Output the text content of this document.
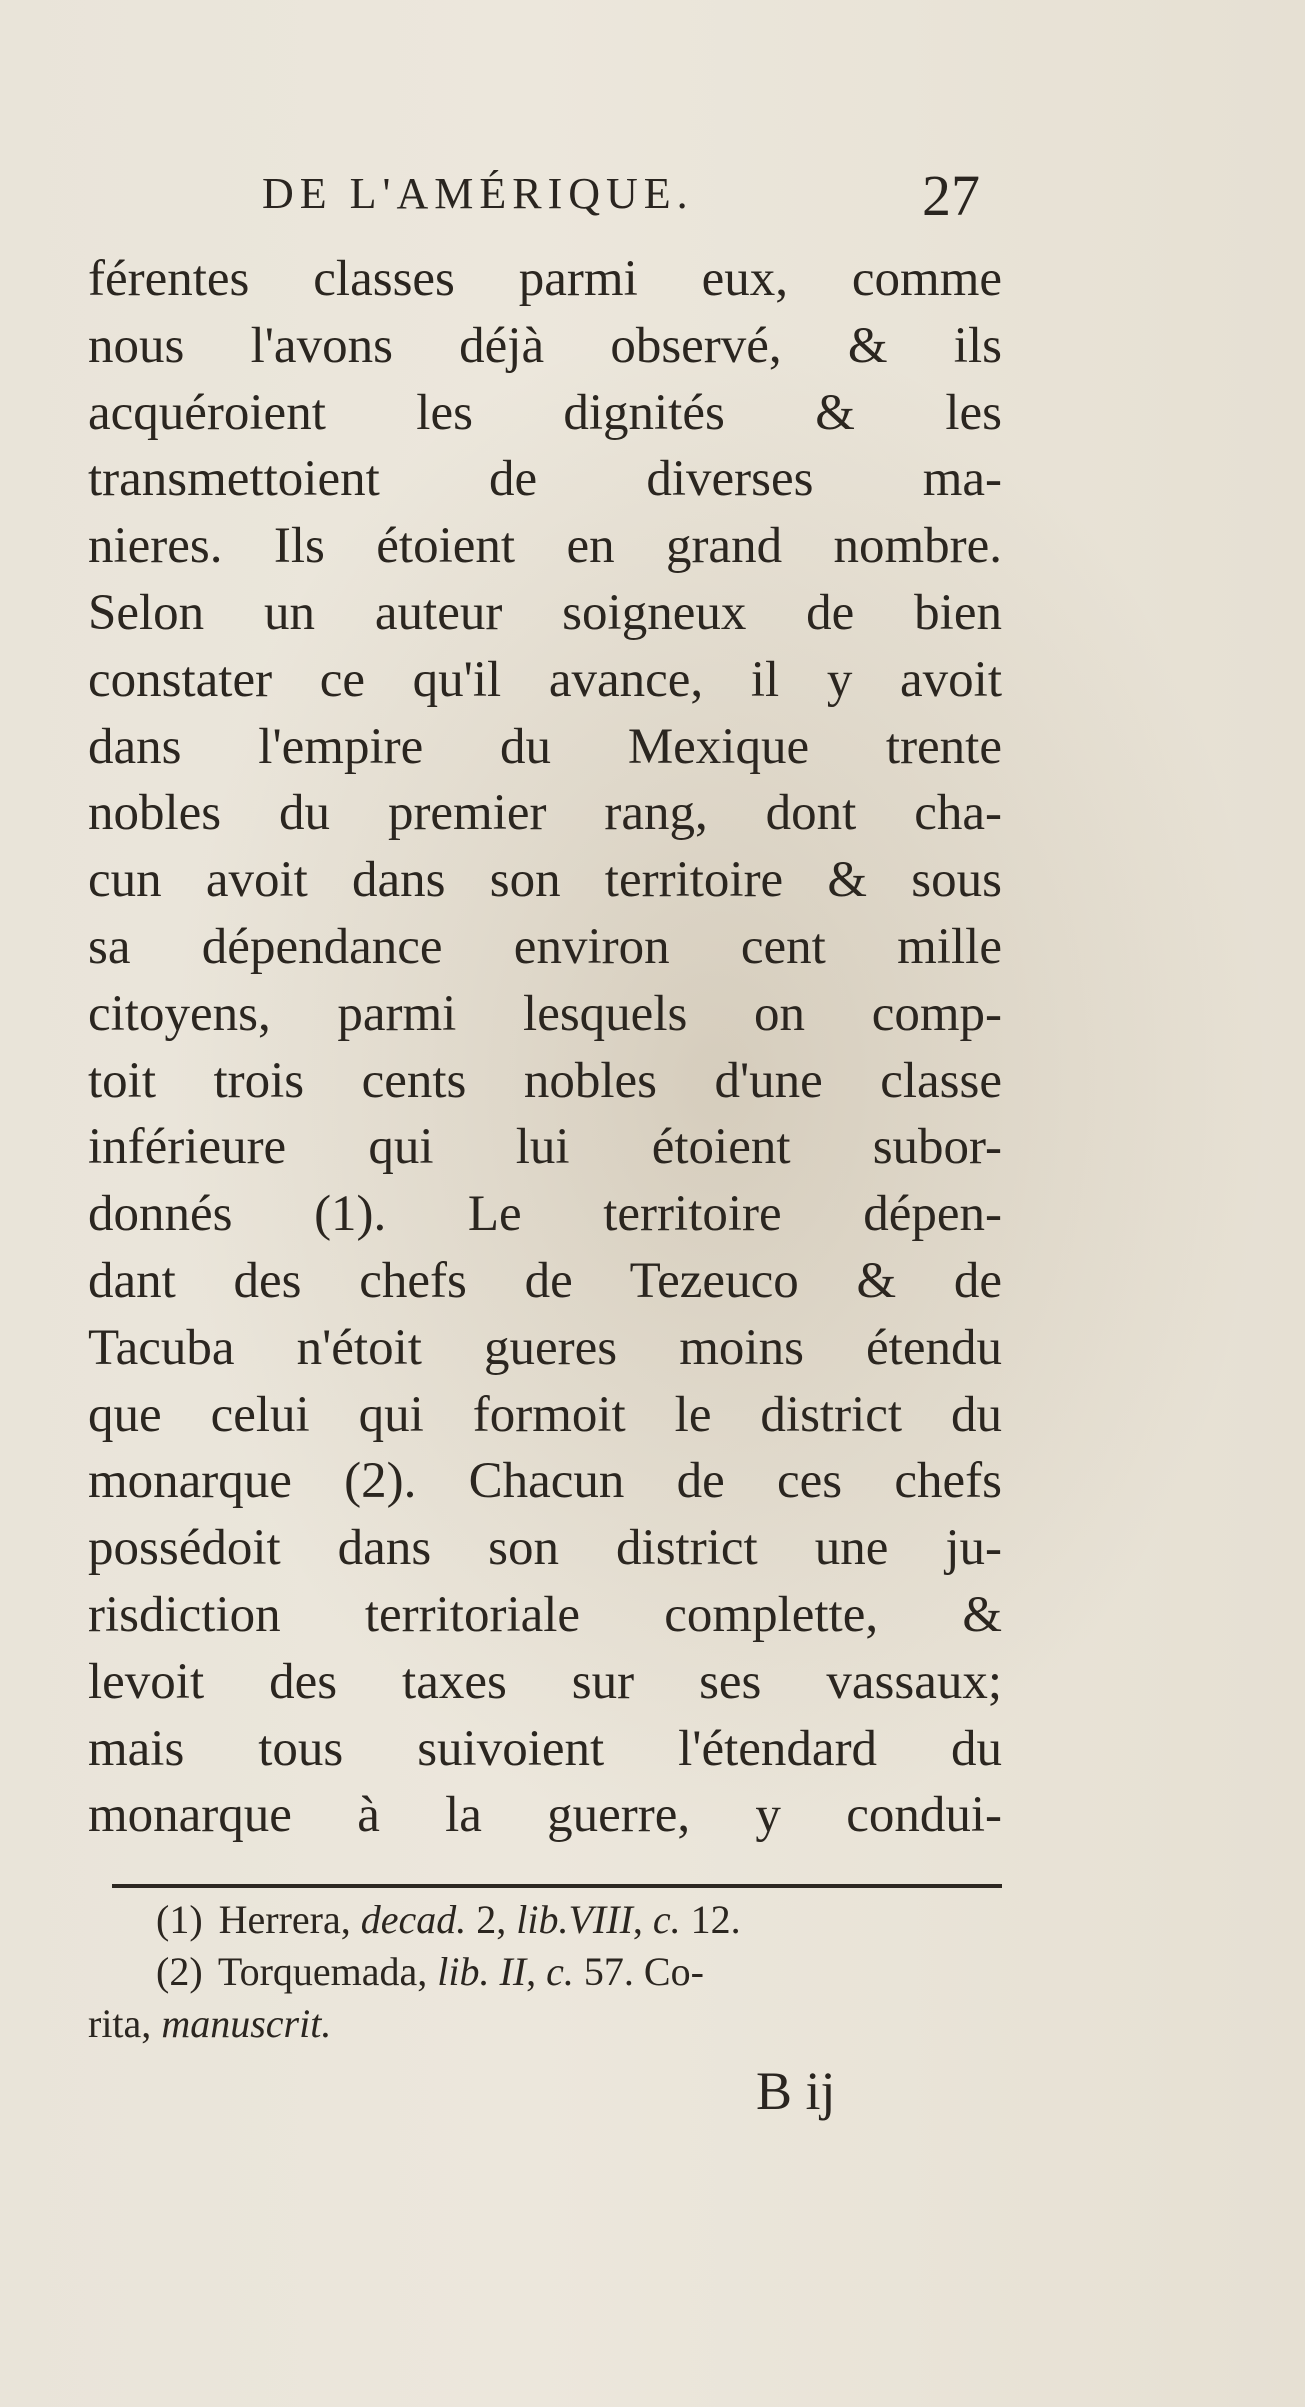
DE L'AMÉRIQUE.	27
férentes classes parmi eux, comme
nous l'avons déjà observé, & ils
acquéroient les dignités & les
transmettoient de diverses ma-
nieres. Ils étoient en grand nombre.
Selon un auteur soigneux de bien
constater ce qu'il avance, il y avoit
dans l'empire du Mexique trente
nobles du premier rang, dont cha-
cun avoit dans son territoire & sous
sa dépendance environ cent mille
citoyens, parmi lesquels on comp-
toit trois cents nobles d'une classe
inférieure qui lui étoient subor-
donnés (1). Le territoire dépen-
dant des chefs de Tezeuco & de
Tacuba n'étoit gueres moins étendu
que celui qui formoit le district du
monarque (2). Chacun de ces chefs
possédoit dans son district une ju-
risdiction territoriale complette, &
levoit des taxes sur ses vassaux;
mais tous suivoient l'étendard du
monarque à la guerre, y condui-
(1) Herrera, decad. 2, lib.VIII, c. 12.
(2) Torquemada, lib. II, c. 57. Co-
rita, manuscrit.
B ij
